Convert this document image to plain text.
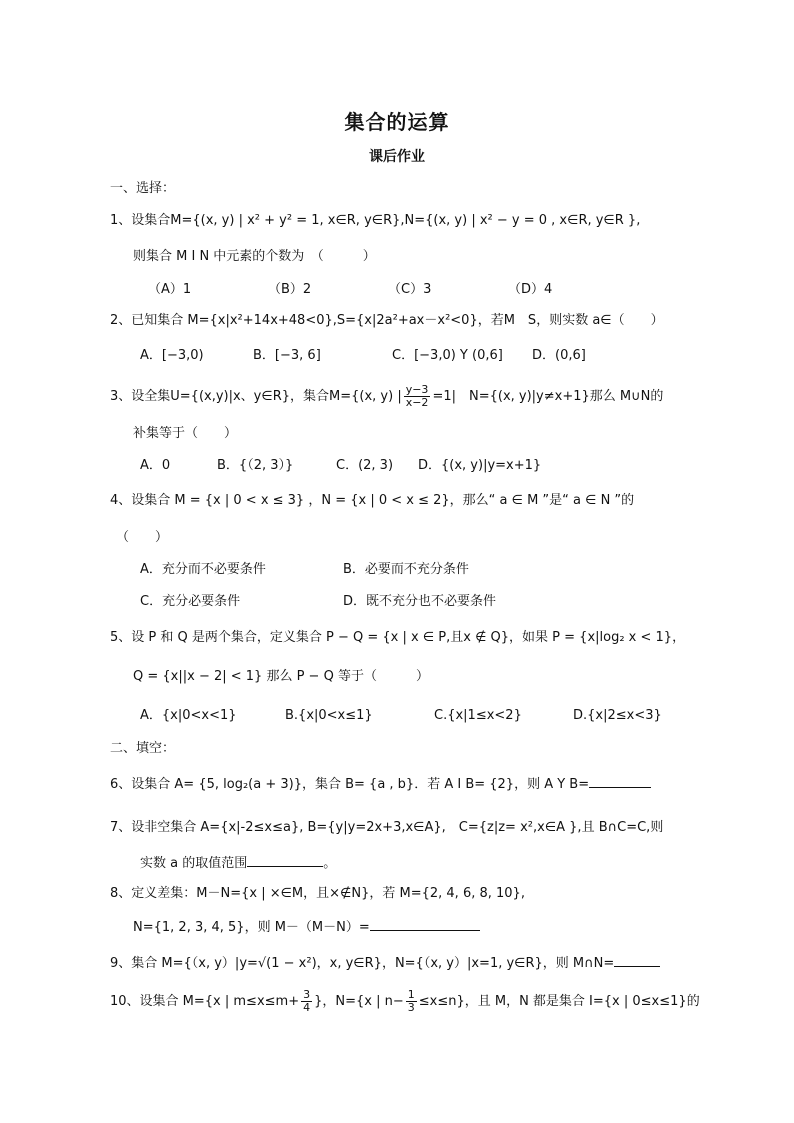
集合的运算
课后作业
一、选择：
1、设集合M={(x, y) | x² + y² = 1, x∈R, y∈R},N={(x, y) | x² − y = 0 , x∈R, y∈R },
则集合 M I N 中元素的个数为　（　　　）
（A）1	（B）2	（C）3	（D）4
2、已知集合 M={x|x²+14x+48<0},S={x|2a²+ax－x²<0}，若M　S，则实数 a∈（　　）
A．[−3,0)	B．[−3, 6]	C．[−3,0) Y (0,6] D．(0,6]
3、设全集U={(x,y)|x、y∈R}，集合M={(x, y) | $\frac{y-3}{x-2} =1|$　N={(x, y)|y≠x+1}那么 M∪N的
补集等于（　　）
A．0	B．{（2, 3）}	C．(2, 3) D．{(x, y)|y=x+1}
4、设集合 M = {x | 0 < x ≤ 3} ，N = {x | 0 < x ≤ 2}，那么“ a ∈ M ”是“ a ∈ N ”的
（　　）
A．充分而不必要条件	B．必要而不充分条件
C．充分必要条件	D．既不充分也不必要条件
5、设 P 和 Q 是两个集合，定义集合 P − Q = {x | x ∈ P,且x ∉ Q}，如果 P = {x|log₂ x < 1}，
Q = {x||x − 2| < 1} 那么 P − Q 等于（　　　）
A．{x|0<x<1}	B.{x|0<x≤1}	C.{x|1≤x<2}	D.{x|2≤x<3}
二、填空：
6、设集合 A= {5, log₂(a + 3)}，集合 B= {a , b}．若 A I B= {2}，则 A Y B=
7、设非空集合 A={x|-2≤x≤a}, B={y|y=2x+3,x∈A},　C={z|z= x²,x∈A },且 B∩C=C,则
实数 a 的取值范围	。
8、定义差集：M－N={x | ×∈M，且×∉N}，若 M={2, 4, 6, 8, 10},
N={1, 2, 3, 4, 5}，则 M－（M－N）=
9、集合 M={（x, y）|y=√(1 − x²)，x, y∈R}，N={（x, y）|x=1, y∈R}，则 M∩N=
10、设集合 M={x | $m\le x\le m+ \frac{3}{4}$ }，N={x | $n- \frac{1}{3} \le x\le n$}，且 M，N 都是集合 I={x | 0≤x≤1}的
